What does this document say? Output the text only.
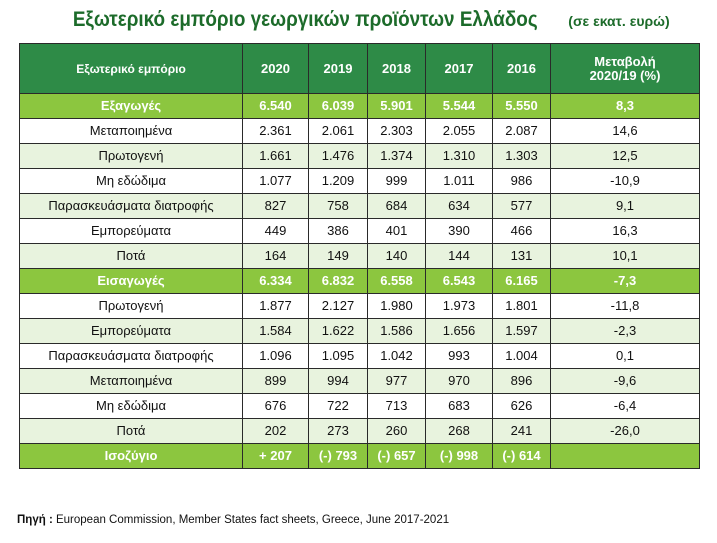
Εξωτερικό εμπόριο γεωργικών προϊόντων Ελλάδος (σε εκατ. ευρώ)
Εξωτερικό εμπόριο	2020	2019	2018	2017	2016	Μεταβολή 2020/19 (%)
Εξαγωγές	6.540	6.039	5.901	5.544	5.550	8,3
Μεταποιημένα	2.361	2.061	2.303	2.055	2.087	14,6
Πρωτογενή	1.661	1.476	1.374	1.310	1.303	12,5
Μη εδώδιμα	1.077	1.209	999	1.011	986	-10,9
Παρασκευάσματα διατροφής	827	758	684	634	577	9,1
Εμπορεύματα	449	386	401	390	466	16,3
Ποτά	164	149	140	144	131	10,1
Εισαγωγές	6.334	6.832	6.558	6.543	6.165	-7,3
Πρωτογενή	1.877	2.127	1.980	1.973	1.801	-11,8
Εμπορεύματα	1.584	1.622	1.586	1.656	1.597	-2,3
Παρασκευάσματα διατροφής	1.096	1.095	1.042	993	1.004	0,1
Μεταποιημένα	899	994	977	970	896	-9,6
Μη εδώδιμα	676	722	713	683	626	-6,4
Ποτά	202	273	260	268	241	-26,0
Ισοζύγιο	+ 207	(-) 793	(-) 657	(-) 998	(-) 614	
Πηγή : European Commission, Member States fact sheets, Greece, June 2017-2021
